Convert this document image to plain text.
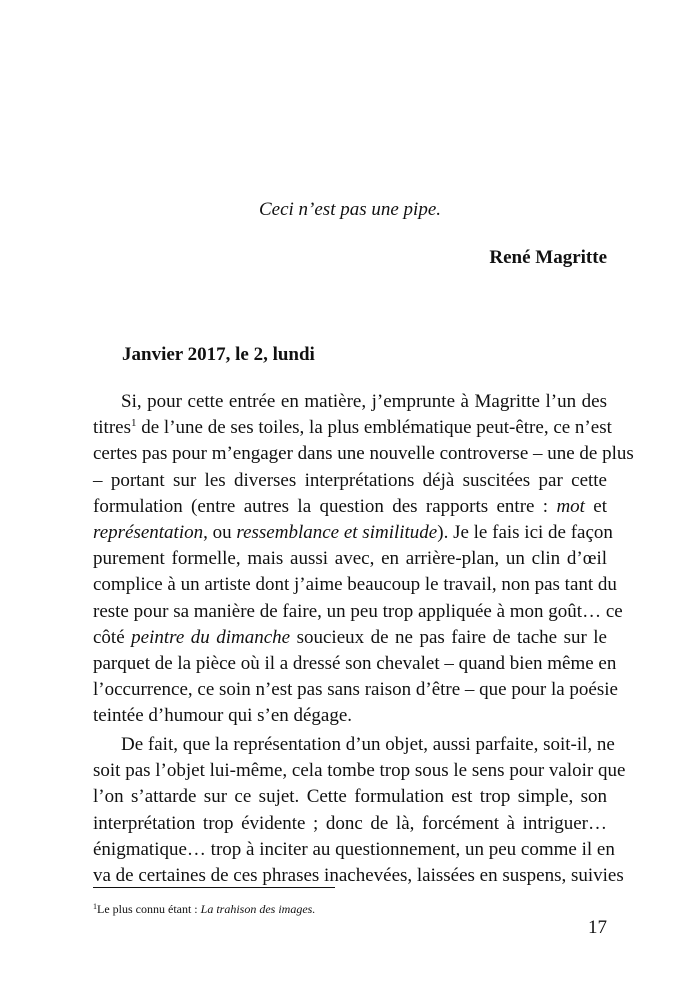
Ceci n’est pas une pipe.
René Magritte
Janvier 2017, le 2, lundi
Si, pour cette entrée en matière, j’emprunte à Magritte l’un des
titres$^1$ de l’une de ses toiles, la plus emblématique peut-être, ce n’est
certes pas pour m’engager dans une nouvelle controverse – une de plus
– portant sur les diverses interprétations déjà suscitées par cette
formulation (entre autres la question des rapports entre : mot et
représentation, ou ressemblance et similitude). Je le fais ici de façon
purement formelle, mais aussi avec, en arrière-plan, un clin d’œil
complice à un artiste dont j’aime beaucoup le travail, non pas tant du
reste pour sa manière de faire, un peu trop appliquée à mon goût… ce
côté peintre du dimanche soucieux de ne pas faire de tache sur le
parquet de la pièce où il a dressé son chevalet – quand bien même en
l’occurrence, ce soin n’est pas sans raison d’être – que pour la poésie
teintée d’humour qui s’en dégage.
De fait, que la représentation d’un objet, aussi parfaite, soit-il, ne
soit pas l’objet lui-même, cela tombe trop sous le sens pour valoir que
l’on s’attarde sur ce sujet. Cette formulation est trop simple, son
interprétation trop évidente ; donc de là, forcément à intriguer…
énigmatique… trop à inciter au questionnement, un peu comme il en
va de certaines de ces phrases inachevées, laissées en suspens, suivies
$^1$Le plus connu étant : La trahison des images.
17
